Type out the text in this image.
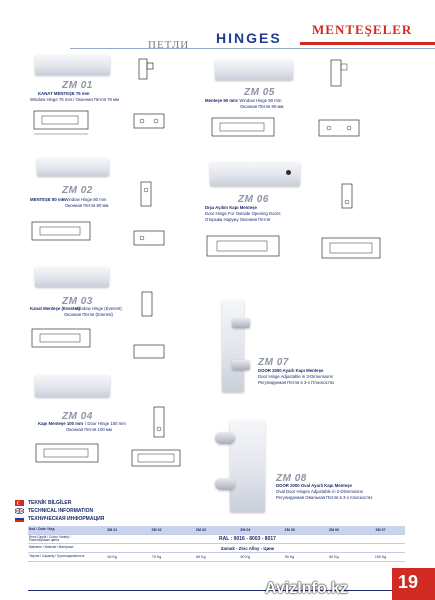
ПЕТЛИ HINGES
MENTEŞELER
ZM 01
KANAT MENTEŞE 75 mm
Window Hinge 75 mm / Оконная Петля 75 мм
ZM 02
MENTEŞE 80 mm
/ Window Hinge 80 mm
Оконная Петля 80 мм
ZM 03
Kanat Menteşe (Everest)
/ Window Hinge (Everest)
Оконная Петля (Everest)
ZM 04
Kapı Menteşe 100 mm / Door Hinge 100 mm
Оконная Петля 100 мм
ZM 05
Menteşe 90 mm / Window Hinge 90 mm
Оконная Петля 90 мм
ZM 06
Dışa Açılım Kapı Menteşe
Door Hinge For Outside Opening Doors
Открыва Наружу Оконная Петля
ZM 07
DOOR 2000 Ayarlı Kapı Menteşe
Door Hinge Adjustable in 3-Dimensions
Регулируемая Петля в 3-х Плоскостях
ZM 08
DOOR 2000 Oval Ayarlı Kapı Menteşe
Oval Door Hinges Adjustable in 3-Dimensions
Регулируемая Овальная Петля в 3-х плоскостях
TEKNİK BİLGİLER
TECHNICAL INFORMATION
ТЕХНИЧЕСКАЯ ИНФОРМАЦИЯ
Kod / Code / Код	ZM 01	ZM 02	ZM 03	ZM 04	ZM 05	ZM 06	ZM 07
Renk Çeşidi / Colour Variety / Разнообразие цвета	RAL : 9016 - 8003 - 8017						
Malzeme / Material / Материал	Zamak - Zinc Alloy - Цинк						
Taşıma / Capacity / Грузоподъемность	60 Kg	70 Kg	60 Kg	60 Kg	50 Kg	60 Kg	100 Kg
19
AvizInfo.kz
